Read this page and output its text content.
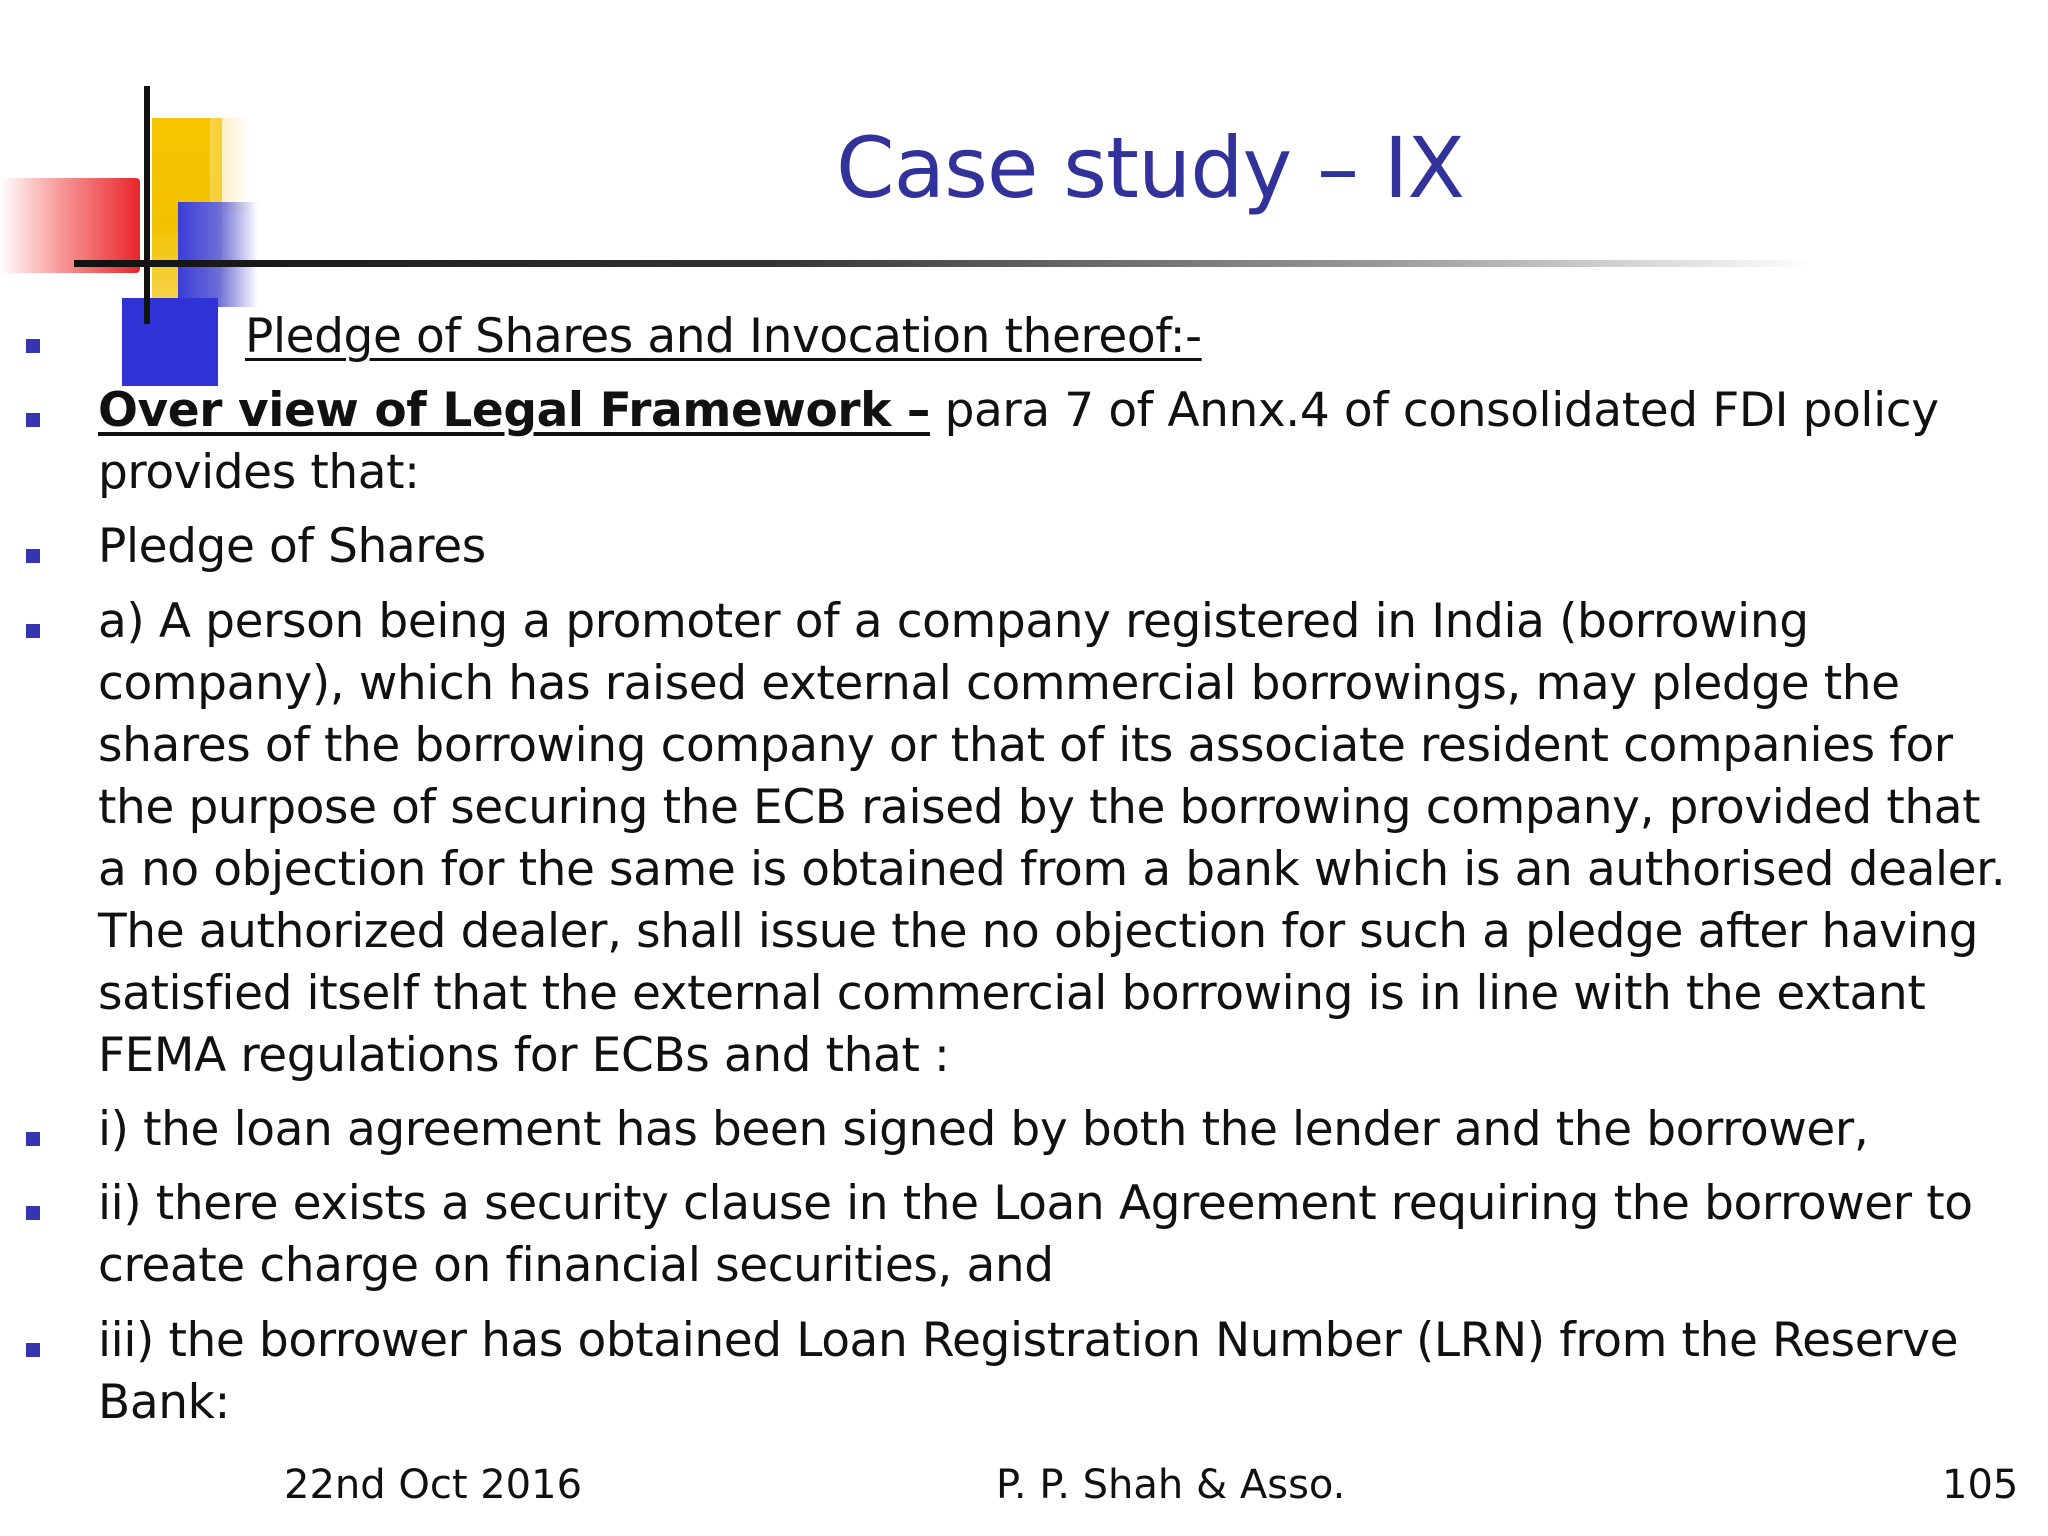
Case study – IX
Pledge of Shares and Invocation thereof:-
Over view of Legal Framework – para 7 of Annx.4 of consolidated FDI policy provides that:
Pledge of Shares
a) A person being a promoter of a company registered in India (borrowing company), which has raised external commercial borrowings, may pledge the shares of the borrowing company or that of its associate resident companies for the purpose of securing the ECB raised by the borrowing company, provided that a no objection for the same is obtained from a bank which is an authorised dealer. The authorized dealer, shall issue the no objection for such a pledge after having satisfied itself that the external commercial borrowing is in line with the extant FEMA regulations for ECBs and that :
i) the loan agreement has been signed by both the lender and the borrower,
ii) there exists a security clause in the Loan Agreement requiring the borrower to create charge on financial securities, and
iii) the borrower has obtained Loan Registration Number (LRN) from the Reserve Bank:
22nd Oct 2016	P. P. Shah & Asso.	105
